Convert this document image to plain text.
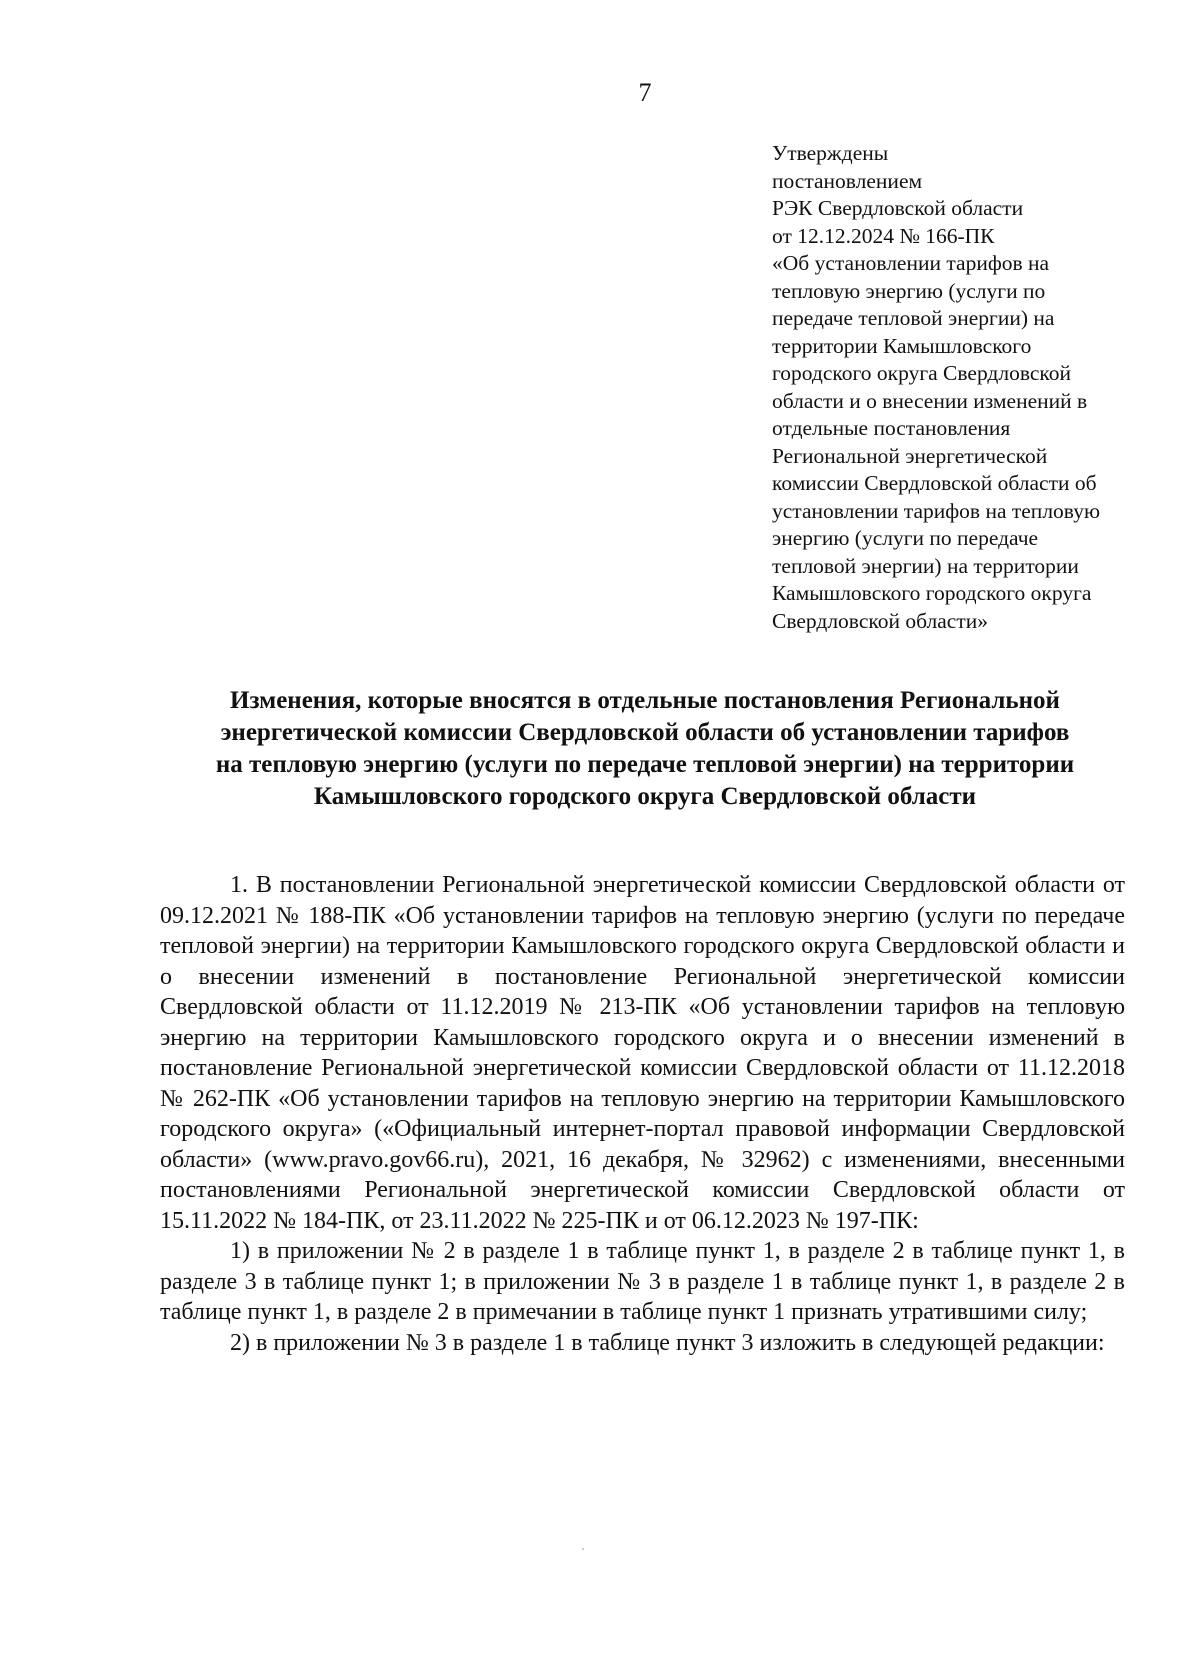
7
Утверждены
постановлением
РЭК Свердловской области
от 12.12.2024 № 166-ПК
«Об установлении тарифов на
тепловую энергию (услуги по
передаче тепловой энергии) на
территории Камышловского
городского округа Свердловской
области и о внесении изменений в
отдельные постановления
Региональной энергетической
комиссии Свердловской области об
установлении тарифов на тепловую
энергию (услуги по передаче
тепловой энергии) на территории
Камышловского городского округа
Свердловской области»
Изменения, которые вносятся в отдельные постановления Региональной
энергетической комиссии Свердловской области об установлении тарифов
на тепловую энергию (услуги по передаче тепловой энергии) на территории
Камышловского городского округа Свердловской области

1. В постановлении Региональной энергетической комиссии Свердловской области от 09.12.2021 № 188-ПК «Об установлении тарифов на тепловую энергию (услуги по передаче тепловой энергии) на территории Камышловского городского округа Свердловской области и о внесении изменений в постановление Региональной энергетической комиссии Свердловской области от 11.12.2019 № 213-ПК «Об установлении тарифов на тепловую энергию на территории Камышловского городского округа и о внесении изменений в постановление Региональной энергетической комиссии Свердловской области от 11.12.2018 № 262-ПК «Об установлении тарифов на тепловую энергию на территории Камышловского городского округа» («Официальный интернет-портал правовой информации Свердловской области» (www.pravo.gov66.ru), 2021, 16 декабря, № 32962) с изменениями, внесенными постановлениями Региональной энергетической комиссии Свердловской области от 15.11.2022 № 184-ПК, от 23.11.2022 № 225-ПК и от 06.12.2023 № 197-ПК:

1) в приложении № 2 в разделе 1 в таблице пункт 1, в разделе 2 в таблице пункт 1, в разделе 3 в таблице пункт 1; в приложении № 3 в разделе 1 в таблице пункт 1, в разделе 2 в таблице пункт 1, в разделе 2 в примечании в таблице пункт 1 признать утратившими силу;

2) в приложении № 3 в разделе 1 в таблице пункт 3 изложить в следующей редакции:
